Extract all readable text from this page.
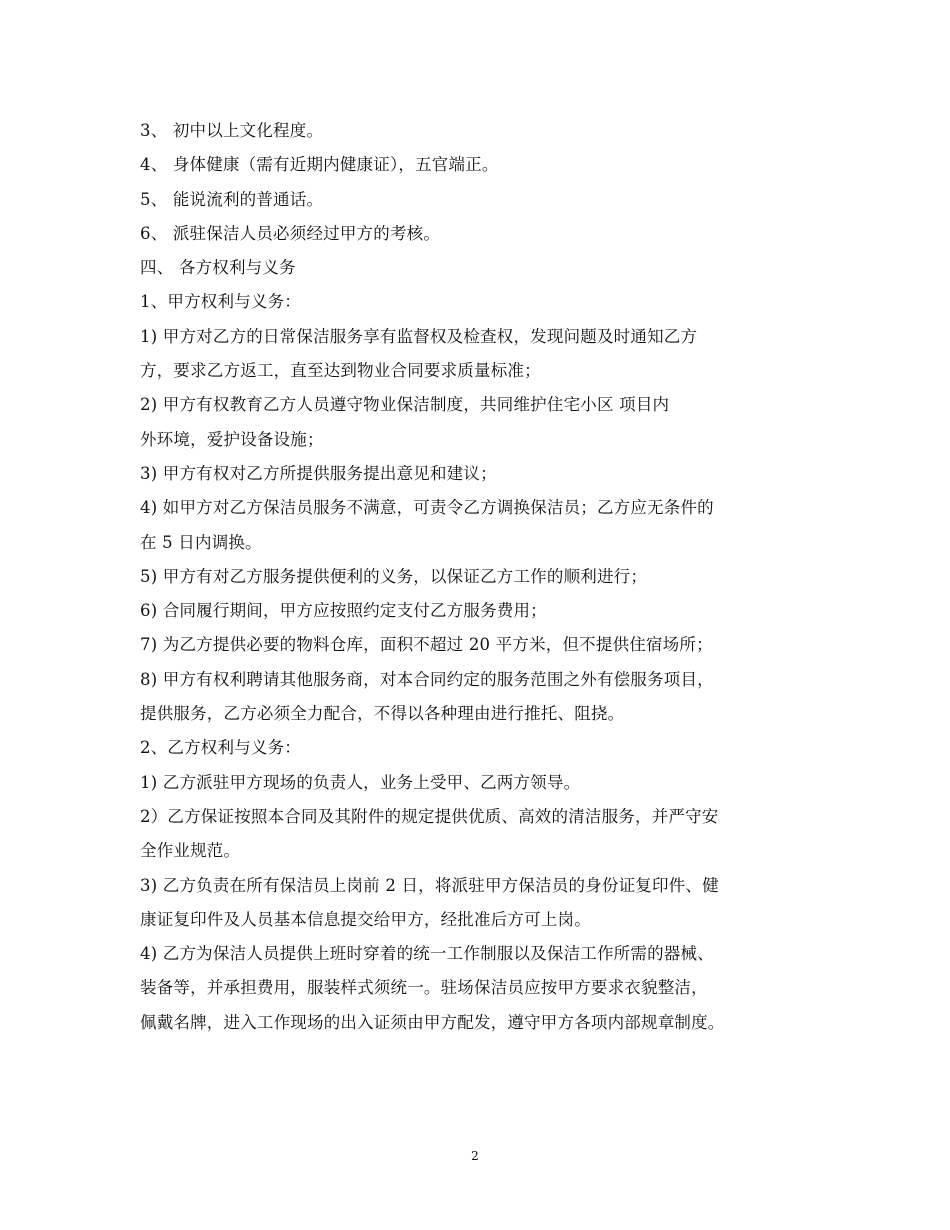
3、 初中以上文化程度。
4、 身体健康（需有近期内健康证），五官端正。
5、 能说流利的普通话。
6、 派驻保洁人员必须经过甲方的考核。
四、 各方权利与义务
1、甲方权利与义务：
1) 甲方对乙方的日常保洁服务享有监督权及检查权，发现问题及时通知乙方
方，要求乙方返工，直至达到物业合同要求质量标准；
2) 甲方有权教育乙方人员遵守物业保洁制度，共同维护住宅小区 项目内
外环境，爱护设备设施；
3) 甲方有权对乙方所提供服务提出意见和建议；
4) 如甲方对乙方保洁员服务不满意，可责令乙方调换保洁员；乙方应无条件的
在 5 日内调换。
5) 甲方有对乙方服务提供便利的义务，以保证乙方工作的顺利进行；
6) 合同履行期间，甲方应按照约定支付乙方服务费用；
7) 为乙方提供必要的物料仓库，面积不超过 20 平方米，但不提供住宿场所；
8) 甲方有权利聘请其他服务商，对本合同约定的服务范围之外有偿服务项目，
提供服务，乙方必须全力配合，不得以各种理由进行推托、阻挠。
2、乙方权利与义务：
1) 乙方派驻甲方现场的负责人，业务上受甲、乙两方领导。
2）乙方保证按照本合同及其附件的规定提供优质、高效的清洁服务，并严守安
全作业规范。
3) 乙方负责在所有保洁员上岗前 2 日，将派驻甲方保洁员的身份证复印件、健
康证复印件及人员基本信息提交给甲方，经批准后方可上岗。
4) 乙方为保洁人员提供上班时穿着的统一工作制服以及保洁工作所需的器械、
装备等，并承担费用，服装样式须统一。驻场保洁员应按甲方要求衣貌整洁，
佩戴名牌，进入工作现场的出入证须由甲方配发，遵守甲方各项内部规章制度。
2
